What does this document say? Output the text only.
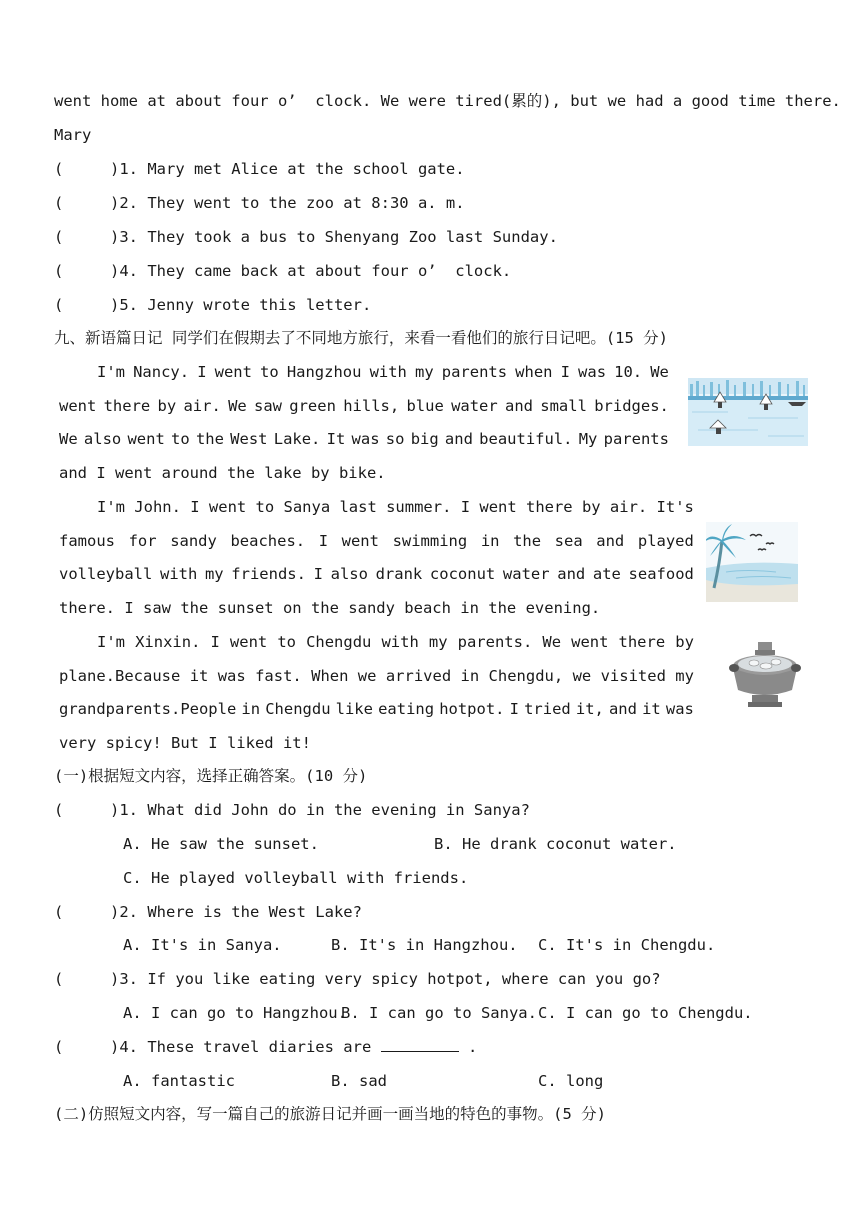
went home at about four o’  clock. We were tired(累的), but we had a good time there.
Mary
(     )1. Mary met Alice at the school gate.
(     )2. They went to the zoo at 8:30 a. m.
(     )3. They took a bus to Shenyang Zoo last Sunday.
(     )4. They came back at about four o’  clock.
(     )5. Jenny wrote this letter.
九、新语篇日记 同学们在假期去了不同地方旅行，来看一看他们的旅行日记吧。(15 分)
I'm Nancy. I went to Hangzhou with my parents when I was 10. We
went there by air. We saw green hills, blue water and small bridges.
We also went to the West Lake. It was so big and beautiful. My parents
and I went around the lake by bike.
I'm John. I went to Sanya last summer. I went there by air. It's
famous for sandy beaches. I went swimming in the sea and played
volleyball with my friends. I also drank coconut water and ate seafood
there. I saw the sunset on the sandy beach in the evening.
I'm Xinxin. I went to Chengdu with my parents. We went there by
plane.Because it was fast. When we arrived in Chengdu, we visited my
grandparents.People in Chengdu like eating hotpot. I tried it, and it was
very spicy! But I liked it!
(一)根据短文内容，选择正确答案。(10 分)
(     )1. What did John do in the evening in Sanya?
A. He saw the sunset.	B. He drank coconut water.
C. He played volleyball with friends.
(     )2. Where is the West Lake?
A. It's in Sanya.	B. It's in Hangzhou. C. It's in Chengdu.
(     )3. If you like eating very spicy hotpot, where can you go?
A. I can go to Hangzhou.
B. I can go to Sanya. C. I can go to Chengdu.
(     )4. These travel diaries are	.
A. fantastic	B. sad	C. long
(二)仿照短文内容，写一篇自己的旅游日记并画一画当地的特色的事物。(5 分)
